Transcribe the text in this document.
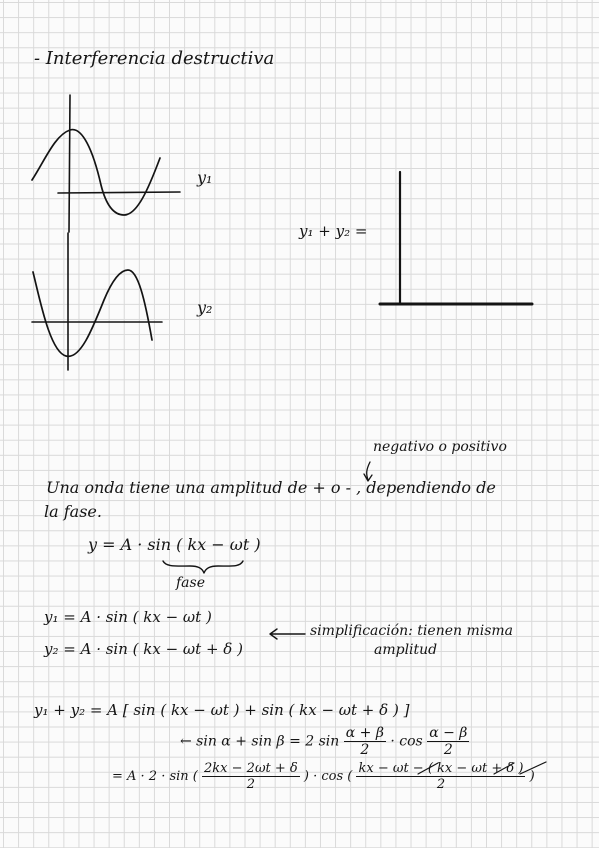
- Interferencia destructiva
y₁
y₂
y₁ + y₂ =
negativo o positivo
Una onda tiene una amplitud de + o - , dependiendo de
la fase.
y = A · sin ( kx − ωt )
fase
y₁ = A · sin ( kx − ωt )
y₂ = A · sin ( kx − ωt + δ )
simplificación: tienen misma
amplitud
y₁ + y₂ = A [ sin ( kx − ωt ) + sin ( kx − ωt + δ ) ]
← sin α + sin β = 2 $\sin \frac{\alpha + \beta}{2} \cdot \cos \frac{\alpha - \beta}{2}$
= A · 2 · sin ( $\frac{2kx - 2\omega t + \delta}{2}$ ) · cos ( $\frac{kx - \omega t - ( kx - \omega t + \delta )}{2}$ )
